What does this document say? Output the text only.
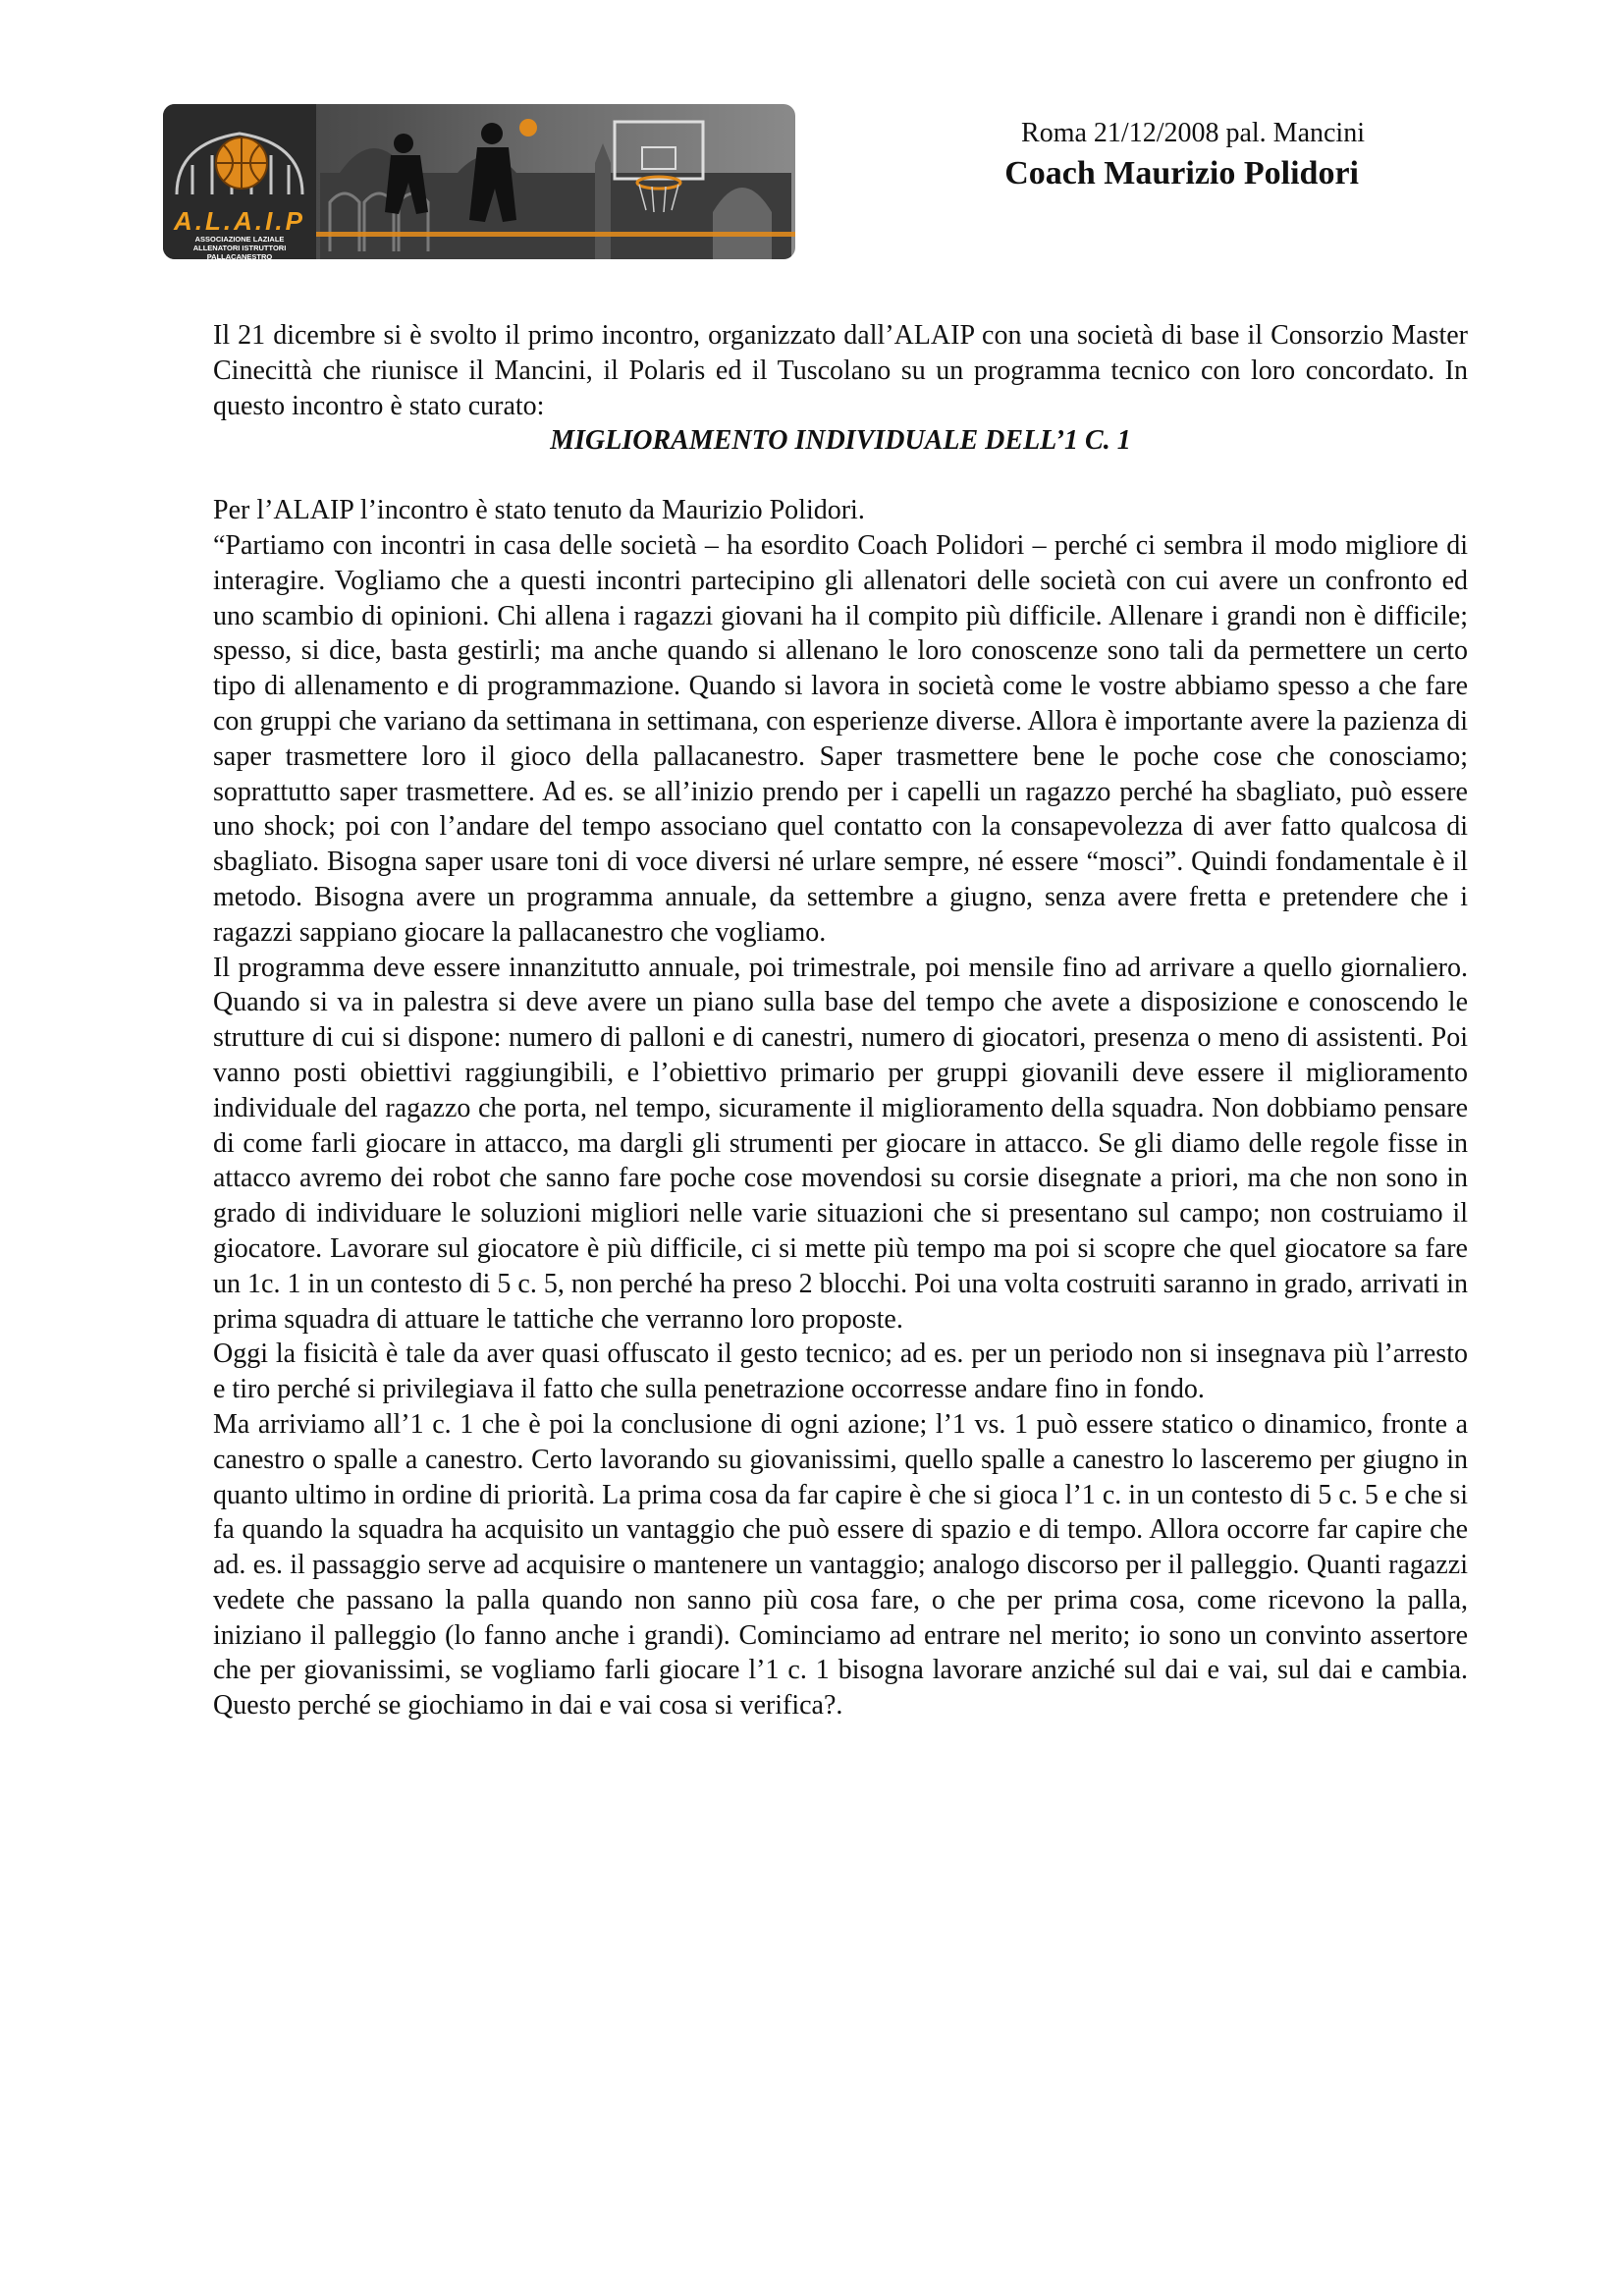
A.L.A.I.P
ASSOCIAZIONE LAZIALE ALLENATORI ISTRUTTORI PALLACANESTRO
Roma 21/12/2008 pal. Mancini
Coach Maurizio Polidori

Il 21 dicembre si è svolto il primo incontro, organizzato dall’ALAIP con una società di base il Consorzio Master Cinecittà che riunisce il Mancini, il Polaris ed il Tuscolano su un programma tecnico con loro concordato. In questo incontro è stato curato:

MIGLIORAMENTO INDIVIDUALE DELL’1 C. 1

Per l’ALAIP l’incontro è stato tenuto da Maurizio Polidori.

“Partiamo con incontri in casa delle società – ha esordito Coach Polidori – perché ci sembra il modo migliore di interagire. Vogliamo che a questi incontri partecipino gli allenatori delle società con cui avere un confronto ed uno scambio di opinioni. Chi allena i ragazzi giovani ha il compito più difficile. Allenare i grandi non è difficile; spesso, si dice, basta gestirli; ma anche quando si allenano le loro conoscenze sono tali da permettere un certo tipo di allenamento e di programmazione. Quando si lavora in società come le vostre abbiamo spesso a che fare con gruppi che variano da settimana in settimana, con esperienze diverse. Allora è importante avere la pazienza di saper trasmettere loro il gioco della pallacanestro. Saper trasmettere bene le poche cose che conosciamo; soprattutto saper trasmettere. Ad es. se all’inizio prendo per i capelli un ragazzo perché ha sbagliato, può essere uno shock; poi con l’andare del tempo associano quel contatto con la consapevolezza di aver fatto qualcosa di sbagliato. Bisogna saper usare toni di voce diversi né urlare sempre, né essere “mosci”. Quindi fondamentale è il metodo. Bisogna avere un programma annuale, da settembre a giugno, senza avere fretta e pretendere che i ragazzi sappiano giocare la pallacanestro che vogliamo.

Il programma deve essere innanzitutto annuale, poi trimestrale, poi mensile fino ad arrivare a quello giornaliero. Quando si va in palestra si deve avere un piano sulla base del tempo che avete a disposizione e conoscendo le strutture di cui si dispone: numero di palloni e di canestri, numero di giocatori, presenza o meno di assistenti. Poi vanno posti obiettivi raggiungibili, e l’obiettivo primario per gruppi giovanili deve essere il miglioramento individuale del ragazzo che porta, nel tempo, sicuramente il miglioramento della squadra. Non dobbiamo pensare di come farli giocare in attacco, ma dargli gli strumenti per giocare in attacco. Se gli diamo delle regole fisse in attacco avremo dei robot che sanno fare poche cose movendosi su corsie disegnate a priori, ma che non sono in grado di individuare le soluzioni migliori nelle varie situazioni che si presentano sul campo; non costruiamo il giocatore. Lavorare sul giocatore è più difficile, ci si mette più tempo ma poi si scopre che quel giocatore sa fare un 1c. 1 in un contesto di 5 c. 5, non perché ha preso 2 blocchi. Poi una volta costruiti saranno in grado, arrivati in prima squadra di attuare le tattiche che verranno loro proposte.

Oggi la fisicità è tale da aver quasi offuscato il gesto tecnico; ad es. per un periodo non si insegnava più l’arresto e tiro perché si privilegiava il fatto che sulla penetrazione occorresse andare fino in fondo.

Ma arriviamo all’1 c. 1 che è poi la conclusione di ogni azione; l’1 vs. 1 può essere statico o dinamico, fronte a canestro o spalle a canestro. Certo lavorando su giovanissimi, quello spalle a canestro lo lasceremo per giugno in quanto ultimo in ordine di priorità. La prima cosa da far capire è che si gioca l’1 c. in un contesto di 5 c. 5 e che si fa quando la squadra ha acquisito un vantaggio che può essere di spazio e di tempo. Allora occorre far capire che ad. es. il passaggio serve ad acquisire o mantenere un vantaggio; analogo discorso per il palleggio. Quanti ragazzi vedete che passano la palla quando non sanno più cosa fare, o che per prima cosa, come ricevono la palla, iniziano il palleggio (lo fanno anche i grandi). Cominciamo ad entrare nel merito; io sono un convinto assertore che per giovanissimi, se vogliamo farli giocare l’1 c. 1 bisogna lavorare anziché sul dai e vai, sul dai e cambia. Questo perché se giochiamo in dai e vai cosa si verifica?.
